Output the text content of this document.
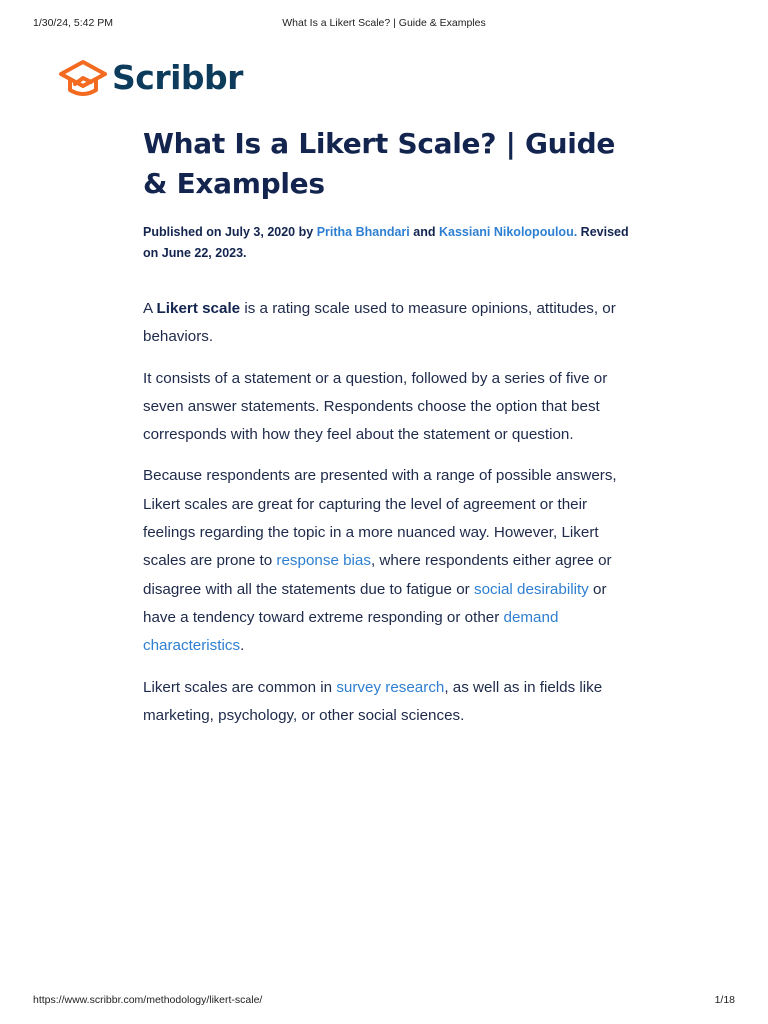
1/30/24, 5:42 PM	What Is a Likert Scale? | Guide & Examples
Scribbr
What Is a Likert Scale? | Guide & Examples

Published on July 3, 2020 by Pritha Bhandari and Kassiani Nikolopoulou. Revised on June 22, 2023.

A Likert scale is a rating scale used to measure opinions, attitudes, or behaviors.

It consists of a statement or a question, followed by a series of five or seven answer statements. Respondents choose the option that best corresponds with how they feel about the statement or question.

Because respondents are presented with a range of possible answers, Likert scales are great for capturing the level of agreement or their feelings regarding the topic in a more nuanced way. However, Likert scales are prone to response bias, where respondents either agree or disagree with all the statements due to fatigue or social desirability or have a tendency toward extreme responding or other demand characteristics.

Likert scales are common in survey research, as well as in fields like marketing, psychology, or other social sciences.

https://www.scribbr.com/methodology/likert-scale/	1/18
